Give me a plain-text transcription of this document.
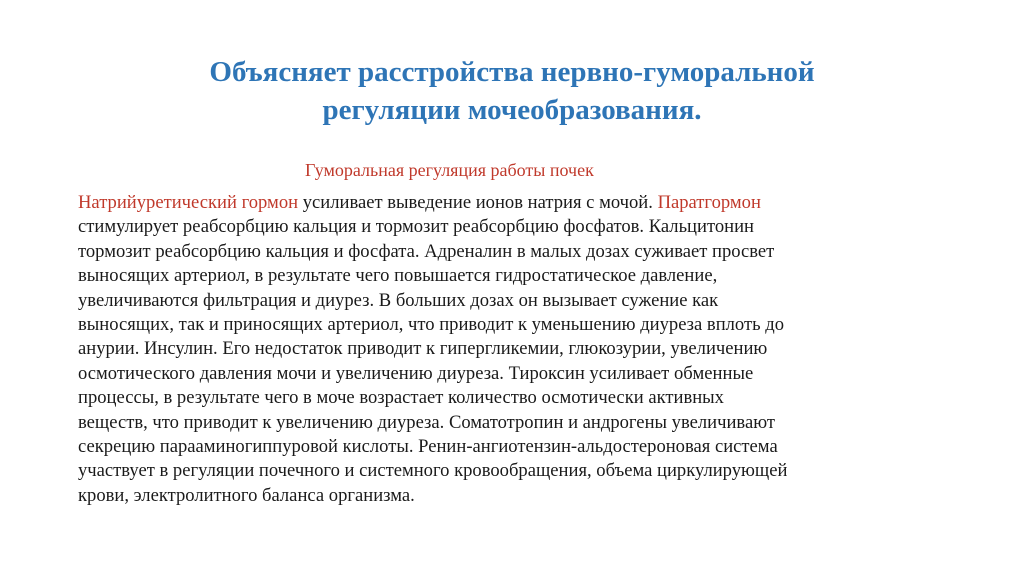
Объясняет расстройства нервно-гуморальной
регуляции мочеобразования.

Гуморальная регуляция работы почек

Натрийуретический гормон усиливает выведение ионов натрия с мочой. Паратгормон
стимулирует реабсорбцию кальция и тормозит реабсорбцию фосфатов. Кальцитонин
тормозит реабсорбцию кальция и фосфата. Адреналин в малых дозах суживает просвет
выносящих артериол, в результате чего повышается гидростатическое давление,
увеличиваются фильтрация и диурез. В больших дозах он вызывает сужение как
выносящих, так и приносящих артериол, что приводит к уменьшению диуреза вплоть до
анурии. Инсулин. Его недостаток приводит к гипергликемии, глюкозурии, увеличению
осмотического давления мочи и увеличению диуреза. Тироксин усиливает обменные
процессы, в результате чего в моче возрастает количество осмотически активных
веществ, что приводит к увеличению диуреза. Соматотропин и андрогены увеличивают
секрецию парааминогиппуровой кислоты. Ренин-ангиотензин-альдостероновая система
участвует в регуляции почечного и системного кровообращения, объема циркулирующей
крови, электролитного баланса организма.
